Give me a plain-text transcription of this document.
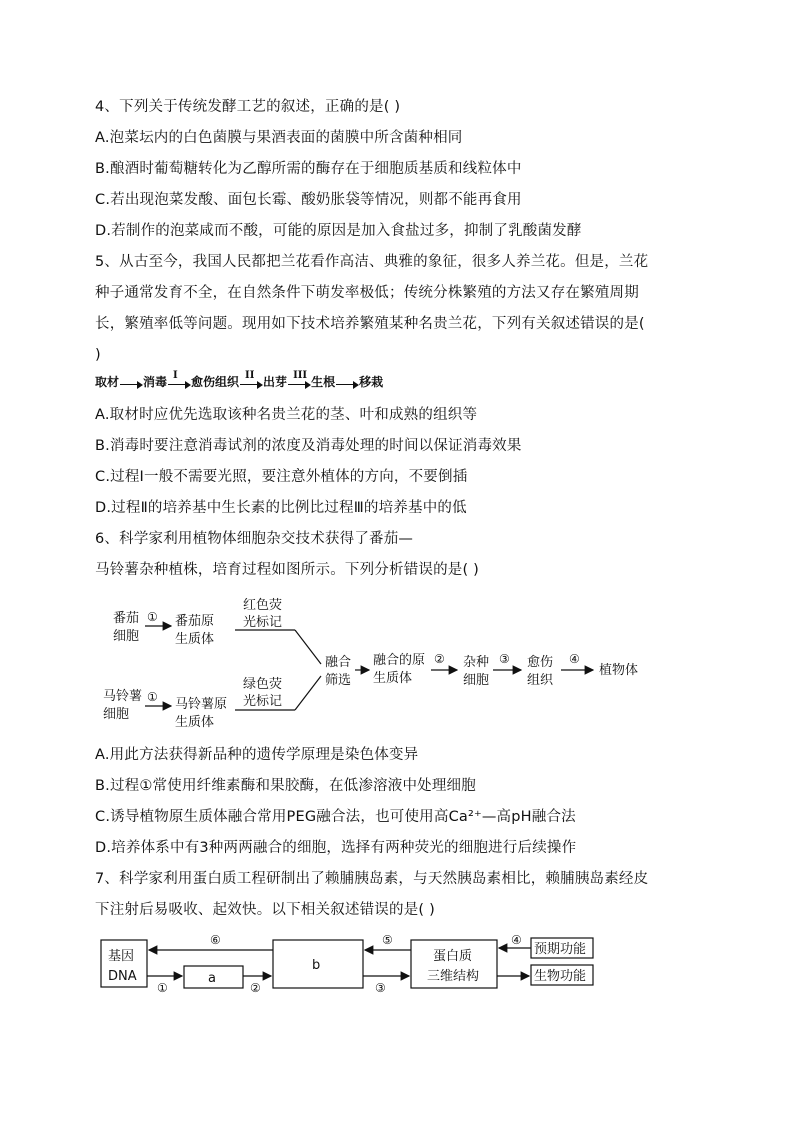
4、下列关于传统发酵工艺的叙述，正确的是( )
A.泡菜坛内的白色菌膜与果酒表面的菌膜中所含菌种相同
B.酿酒时葡萄糖转化为乙醇所需的酶存在于细胞质基质和线粒体中
C.若出现泡菜发酸、面包长霉、酸奶胀袋等情况，则都不能再食用
D.若制作的泡菜咸而不酸，可能的原因是加入食盐过多，抑制了乳酸菌发酵
5、从古至今，我国人民都把兰花看作高洁、典雅的象征，很多人养兰花。但是，兰花
种子通常发育不全，在自然条件下萌发率极低；传统分株繁殖的方法又存在繁殖周期
长，繁殖率低等问题。现用如下技术培养繁殖某种名贵兰花，下列有关叙述错误的是(
)
取材 消毒 I 愈伤组织 II 出芽 III 生根 移栽
A.取材时应优先选取该种名贵兰花的茎、叶和成熟的组织等
B.消毒时要注意消毒试剂的浓度及消毒处理的时间以保证消毒效果
C.过程Ⅰ一般不需要光照，要注意外植体的方向，不要倒插
D.过程Ⅱ的培养基中生长素的比例比过程Ⅲ的培养基中的低
6、科学家利用植物体细胞杂交技术获得了番茄—
马铃薯杂种植株，培育过程如图所示。下列分析错误的是( )
番茄
细胞
① 番茄原
生质体
红色荧
光标记
马铃薯
细胞
① 马铃薯原
生质体
绿色荧
光标记
融合
筛选
融合的原
生质体
② 杂种
细胞
③ 愈伤
组织
④
植物体
A.用此方法获得新品种的遗传学原理是染色体变异
B.过程①常使用纤维素酶和果胶酶，在低渗溶液中处理细胞
C.诱导植物原生质体融合常用PEG融合法，也可使用高Ca²⁺—高pH融合法
D.培养体系中有3种两两融合的细胞，选择有两种荧光的细胞进行后续操作
7、科学家利用蛋白质工程研制出了赖脯胰岛素，与天然胰岛素相比，赖脯胰岛素经皮
下注射后易吸收、起效快。以下相关叙述错误的是( )
基因
DNA	a
b
蛋白质
三维结构
预期功能
生物功能
①	②	③
④
⑤
⑥
